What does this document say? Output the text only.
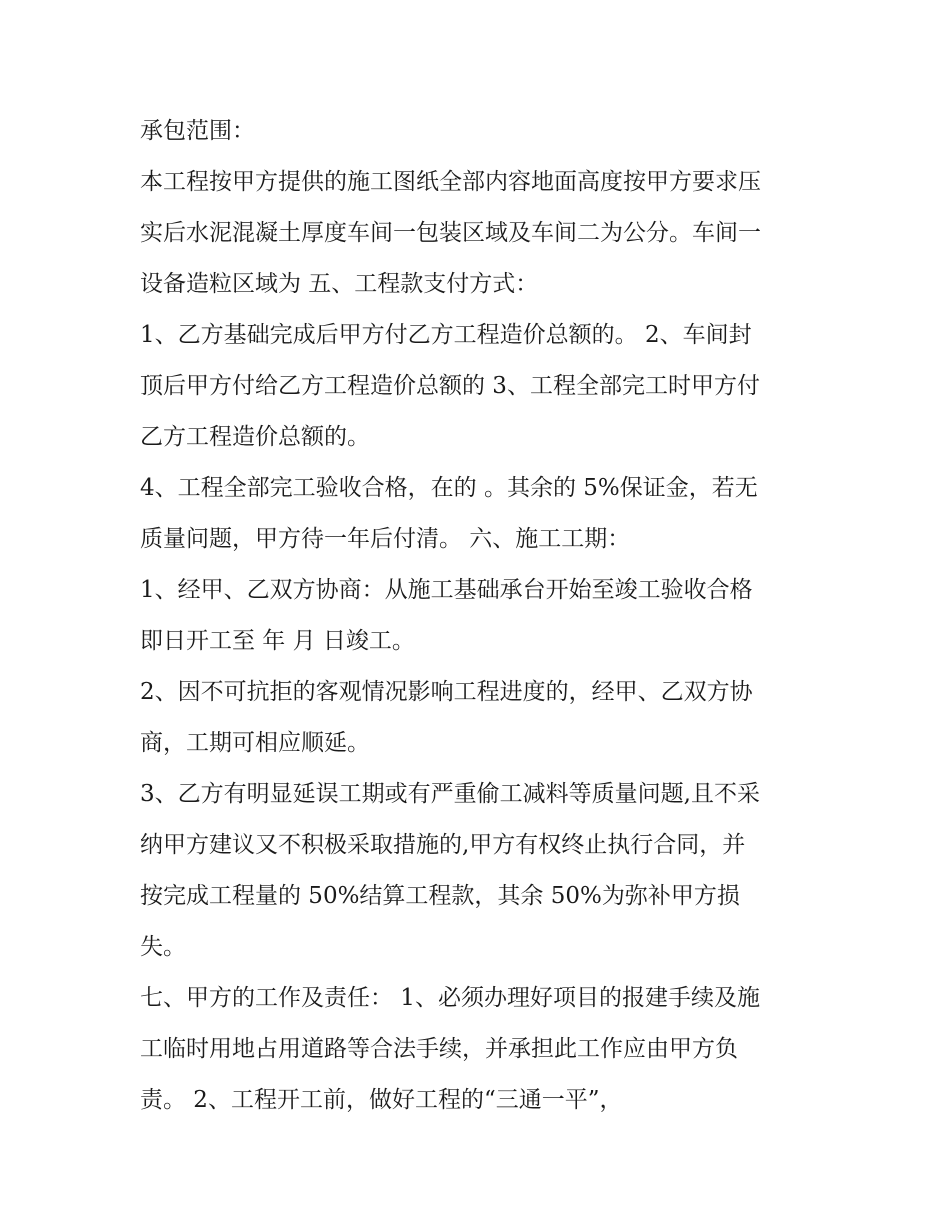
承包范围：
本工程按甲方提供的施工图纸全部内容地面高度按甲方要求压
实后水泥混凝土厚度车间一包装区域及车间二为公分。车间一
设备造粒区域为 五、工程款支付方式：
1、乙方基础完成后甲方付乙方工程造价总额的。 2、车间封
顶后甲方付给乙方工程造价总额的 3、工程全部完工时甲方付
乙方工程造价总额的。
4、工程全部完工验收合格，在的 。其余的 5%保证金，若无
质量问题，甲方待一年后付清。 六、施工工期：
1、经甲、乙双方协商：从施工基础承台开始至竣工验收合格
即日开工至 年 月 日竣工。
2、因不可抗拒的客观情况影响工程进度的，经甲、乙双方协
商，工期可相应顺延。
3、乙方有明显延误工期或有严重偷工减料等质量问题,且不采
纳甲方建议又不积极采取措施的,甲方有权终止执行合同，并
按完成工程量的 50%结算工程款，其余 50%为弥补甲方损
失。
七、甲方的工作及责任： 1、必须办理好项目的报建手续及施
工临时用地占用道路等合法手续，并承担此工作应由甲方负
责。 2、工程开工前，做好工程的“三通一平”，
